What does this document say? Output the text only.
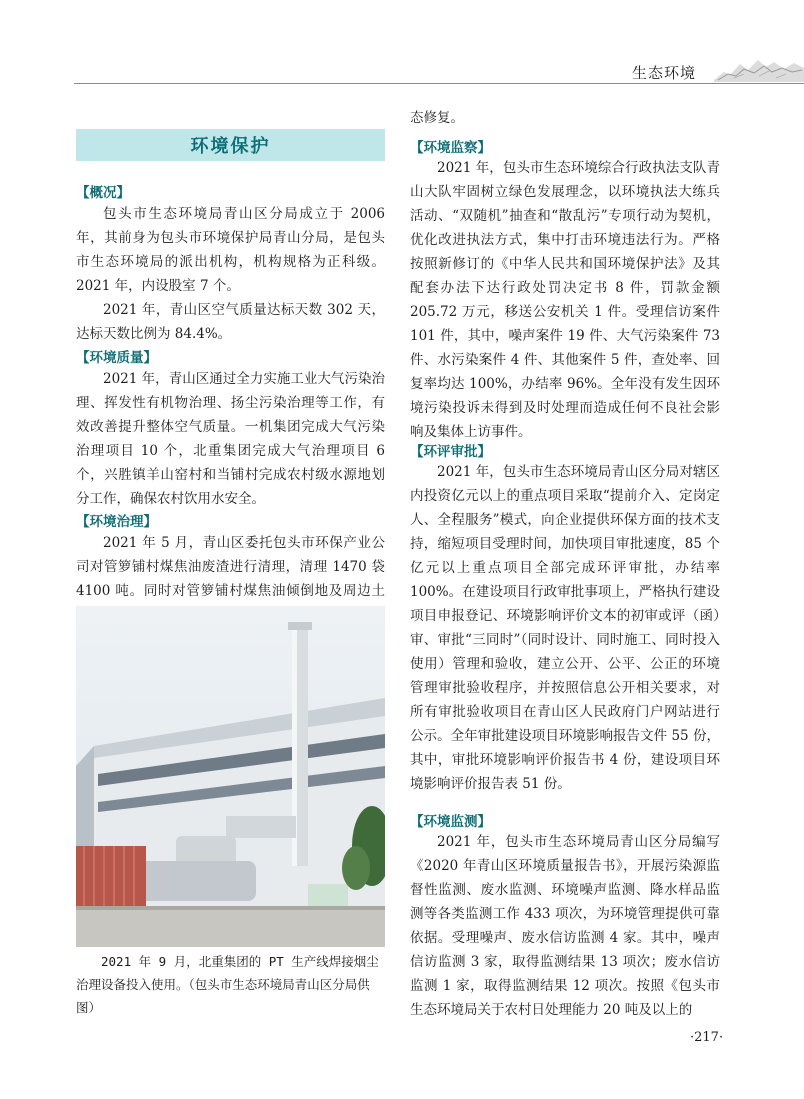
生态环境
环境保护
【概况】

包头市生态环境局青山区分局成立于 2006 年，其前身为包头市环境保护局青山分局，是包头市生态环境局的派出机构，机构规格为正科级。2021 年，内设股室 7 个。

2021 年，青山区空气质量达标天数 302 天，达标天数比例为 84.4%。

【环境质量】

2021 年，青山区通过全力实施工业大气污染治理、挥发性有机物治理、扬尘污染治理等工作，有效改善提升整体空气质量。一机集团完成大气污染治理项目 10 个，北重集团完成大气治理项目 6 个，兴胜镇羊山窑村和当铺村完成农村级水源地划分工作，确保农村饮用水安全。

【环境治理】

2021 年 5 月，青山区委托包头市环保产业公司对管箩铺村煤焦油废渣进行清理，清理 1470 袋 4100 吨。同时对管箩铺村煤焦油倾倒地及周边土

2021 年 9 月，北重集团的 PT 生产线焊接烟尘治理设备投入使用。（包头市生态环境局青山区分局供图）

态修复。

【环境监察】

2021 年，包头市生态环境综合行政执法支队青山大队牢固树立绿色发展理念，以环境执法大练兵活动、“双随机”抽查和“散乱污”专项行动为契机，优化改进执法方式，集中打击环境违法行为。严格按照新修订的《中华人民共和国环境保护法》及其配套办法下达行政处罚决定书 8 件，罚款金额 205.72 万元，移送公安机关 1 件。受理信访案件 101 件，其中，噪声案件 19 件、大气污染案件 73 件、水污染案件 4 件、其他案件 5 件，查处率、回复率均达 100%，办结率 96%。全年没有发生因环境污染投诉未得到及时处理而造成任何不良社会影响及集体上访事件。

【环评审批】

2021 年，包头市生态环境局青山区分局对辖区内投资亿元以上的重点项目采取“提前介入、定岗定人、全程服务”模式，向企业提供环保方面的技术支持，缩短项目受理时间，加快项目审批速度，85 个亿元以上重点项目全部完成环评审批，办结率 100%。在建设项目行政审批事项上，严格执行建设项目申报登记、环境影响评价文本的初审或评（函）审、审批“三同时”（同时设计、同时施工、同时投入使用）管理和验收，建立公开、公平、公正的环境管理审批验收程序，并按照信息公开相关要求，对所有审批验收项目在青山区人民政府门户网站进行公示。全年审批建设项目环境影响报告文件 55 份，其中，审批环境影响评价报告书 4 份，建设项目环境影响评价报告表 51 份。

【环境监测】

2021 年，包头市生态环境局青山区分局编写《2020 年青山区环境质量报告书》，开展污染源监督性监测、废水监测、环境噪声监测、降水样品监测等各类监测工作 433 项次，为环境管理提供可靠依据。受理噪声、废水信访监测 4 家。其中，噪声信访监测 3 家，取得监测结果 13 项次；废水信访监测 1 家，取得监测结果 12 项次。按照《包头市生态环境局关于农村日处理能力 20 吨及以上的

·217·
